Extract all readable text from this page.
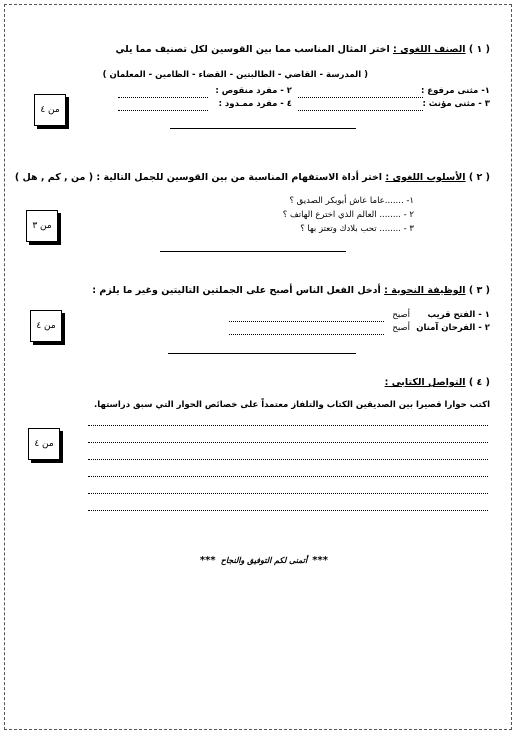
( ١ ) الصنف اللغوى : اختر المثال المناسب مما بين القوسين لكل تصنيف مما يلي
( المدرسة - القاضي - الطالبتين - القضاء - الظامين - المعلمان )
١- مثنى مرفوع :
٢ - مفرد منقوص :
٣ - مثنى مؤنث :
٤ - مفرد ممـدود :
من ٤
( ٢ ) الأسلوب اللغوى : اختر أداة الاستفهام المناسبة من بين القوسين للجمل التالية : ( من , كم , هل )
١- .......عاما عاش أبوبكر الصديق ؟
٢ - ........ العالم الذي اخترع الهاتف ؟
٣ - ........ تحب بلادك وتعتز بها ؟
من ٣
( ٣ ) الوظيفة النحوية : أدخل الفعل الناس أصبح على الجملتين التاليتين وغير ما يلزم :
١ - الفتح قريب
أصبح
٢ - الفرحان آمنان
أصبح
من ٤
( ٤ ) التواصل الكتابى :
اكتب حوارا قصيرا بين الصديقين الكتاب والتلفاز معتمداً على خصائص الحوار التي سبق دراستها.
من ٤
*** أتمنى لكم التوفيق والنجاح ***
